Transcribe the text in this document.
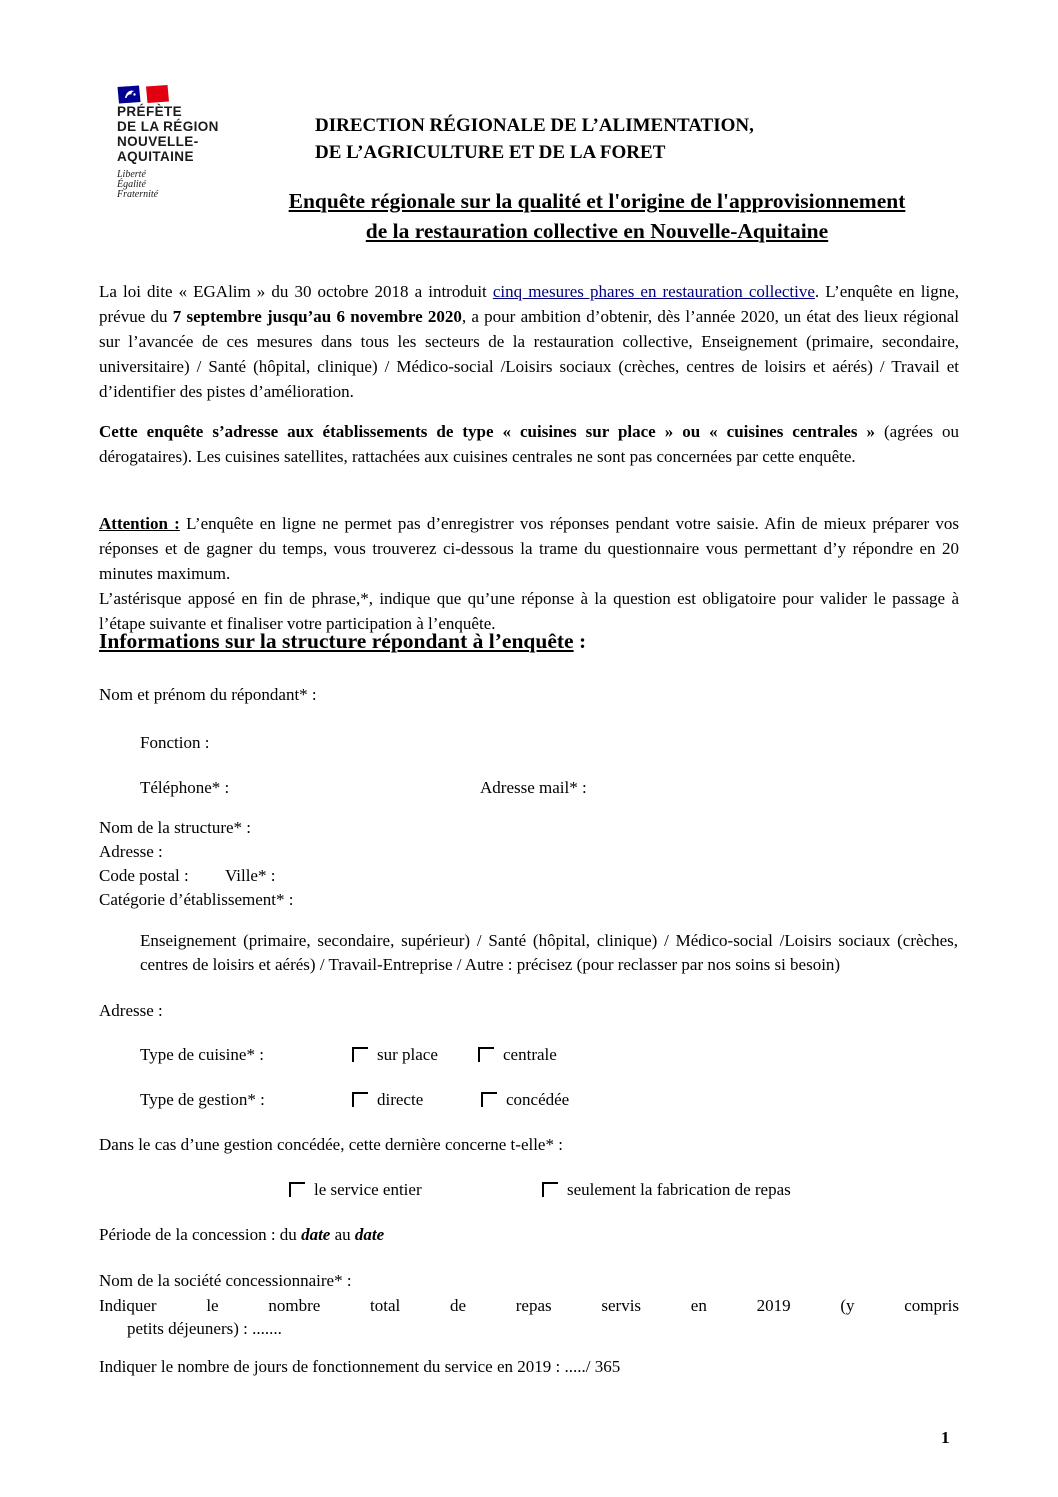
PRÉFÈTE
DE LA RÉGION
NOUVELLE-
AQUITAINE
Liberté
Égalité
Fraternité
DIRECTION RÉGIONALE DE L’ALIMENTATION,
DE L’AGRICULTURE ET DE LA FORET
Enquête régionale sur la qualité et l'origine de l'approvisionnement
de la restauration collective en Nouvelle-Aquitaine

La loi dite « EGAlim » du 30 octobre 2018 a introduit cinq mesures phares en restauration collective. L’enquête en ligne, prévue du 7 septembre jusqu’au 6 novembre 2020, a pour ambition d’obtenir, dès l’année 2020, un état des lieux régional sur l’avancée de ces mesures dans tous les secteurs de la restauration collective, Enseignement (primaire, secondaire, universitaire) / Santé (hôpital, clinique) / Médico-social /Loisirs sociaux (crèches, centres de loisirs et aérés) / Travail et d’identifier des pistes d’amélioration.

Cette enquête s’adresse aux établissements de type « cuisines sur place » ou « cuisines centrales » (agrées ou dérogataires). Les cuisines satellites, rattachées aux cuisines centrales ne sont pas concernées par cette enquête.

Attention : L’enquête en ligne ne permet pas d’enregistrer vos réponses pendant votre saisie. Afin de mieux préparer vos réponses et de gagner du temps, vous trouverez ci-dessous la trame du questionnaire vous permettant d’y répondre en 20 minutes maximum.
L’astérisque apposé en fin de phrase,*, indique que qu’une réponse à la question est obligatoire pour valider le passage à l’étape suivante et finaliser votre participation à l’enquête.

Informations sur la structure répondant à l’enquête :
Nom et prénom du répondant* :
Fonction :
Téléphone* :	Adresse mail* :
Nom de la structure* :
Adresse :
Code postal : Ville* :
Catégorie d’établissement* :

Enseignement (primaire, secondaire, supérieur) / Santé (hôpital, clinique) / Médico-social /Loisirs sociaux (crèches, centres de loisirs et aérés) / Travail-Entreprise / Autre : précisez (pour reclasser par nos soins si besoin)

Adresse :
Type de cuisine* :	sur place	centrale
Type de gestion* :	directe	concédée
Dans le cas d’une gestion concédée, cette dernière concerne t-elle* :
le service entier	seulement la fabrication de repas
Période de la concession : du date au date
Nom de la société concessionnaire* :
Indiquer le nombre total de repas servis en 2019 (y compris
petits déjeuners) : .......
Indiquer le nombre de jours de fonctionnement du service en 2019 : ...../ 365
1
